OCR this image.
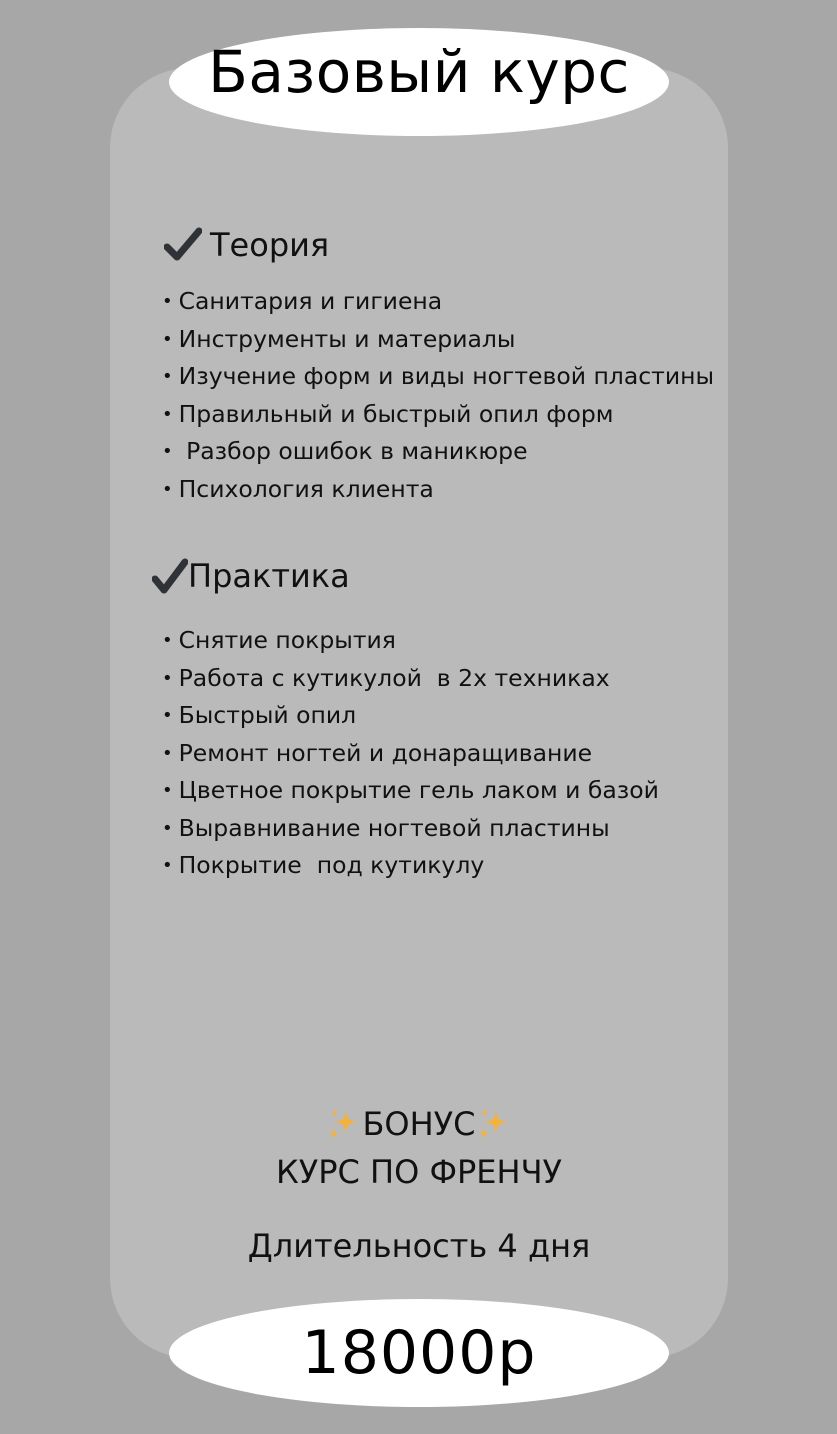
Базовый курс
Теория
• Санитария и гигиена
• Инструменты и материалы
• Изучение форм и виды ногтевой пластины
• Правильный и быстрый опил форм
•  Разбор ошибок в маникюре
• Психология клиента
Практика
• Снятие покрытия
• Работа с кутикулой  в 2х техниках
• Быстрый опил
• Ремонт ногтей и донаращивание
• Цветное покрытие гель лаком и базой
• Выравнивание ногтевой пластины
• Покрытие  под кутикулу
БОНУС
КУРС ПО ФРЕНЧУ
Длительность 4 дня
18000р
